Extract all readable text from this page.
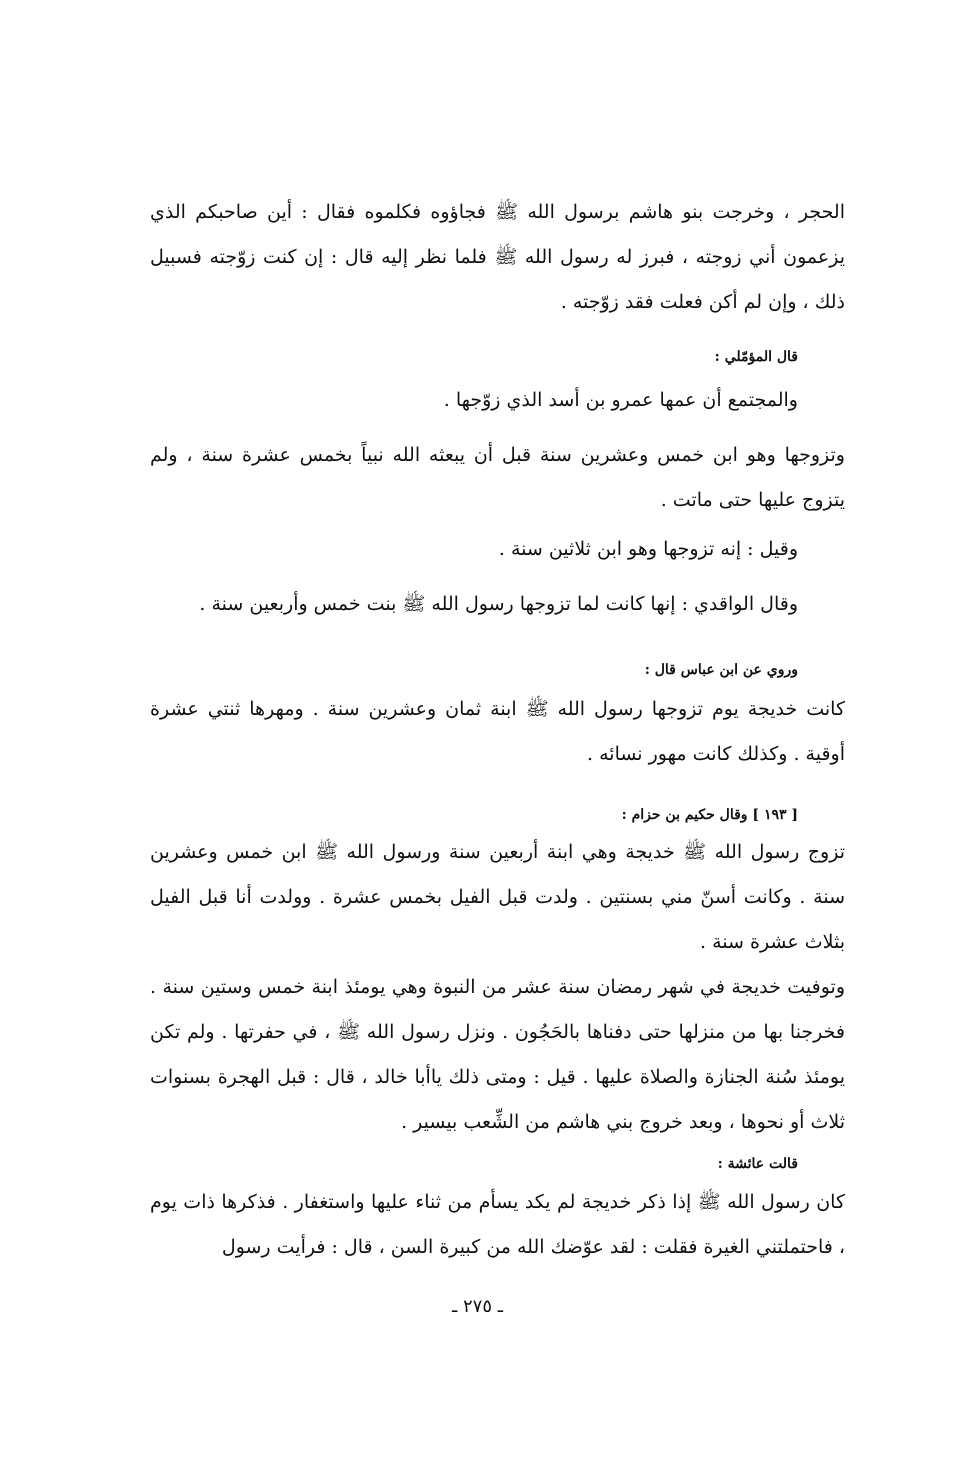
الحجر ، وخرجت بنو هاشم برسول الله ﷺ فجاؤوه فكلموه فقال : أين صاحبكم الذي يزعمون أني زوجته ، فبرز له رسول الله ﷺ فلما نظر إليه قال : إن كنت زوّجته فسبيل ذلك ، وإن لم أكن فعلت فقد زوّجته .

قال المؤمّلي :

والمجتمع أن عمها عمرو بن أسد الذي زوّجها .

وتزوجها وهو ابن خمس وعشرين سنة قبل أن يبعثه الله نبياً بخمس عشرة سنة ، ولم يتزوج عليها حتى ماتت .

وقيل : إنه تزوجها وهو ابن ثلاثين سنة .

وقال الواقدي : إنها كانت لما تزوجها رسول الله ﷺ بنت خمس وأربعين سنة .

وروي عن ابن عباس قال :

كانت خديجة يوم تزوجها رسول الله ﷺ ابنة ثمان وعشرين سنة . ومهرها ثنتي عشرة أوقية . وكذلك كانت مهور نسائه .

[ ١٩٣ ] وقال حكيم بن حزام :

تزوج رسول الله ﷺ خديجة وهي ابنة أربعين سنة ورسول الله ﷺ ابن خمس وعشرين سنة . وكانت أسنّ مني بسنتين . ولدت قبل الفيل بخمس عشرة . وولدت أنا قبل الفيل بثلاث عشرة سنة .

وتوفيت خديجة في شهر رمضان سنة عشر من النبوة وهي يومئذ ابنة خمس وستين سنة . فخرجنا بها من منزلها حتى دفناها بالحَجُون . ونزل رسول الله ﷺ ، في حفرتها . ولم تكن يومئذ سُنة الجنازة والصلاة عليها . قيل : ومتى ذلك ياأبا خالد ، قال : قبل الهجرة بسنوات ثلاث أو نحوها ، وبعد خروج بني هاشم من الشِّعب بيسير .

قالت عائشة :

كان رسول الله ﷺ إذا ذكر خديجة لم يكد يسأم من ثناء عليها واستغفار . فذكرها ذات يوم ، فاحتملتني الغيرة فقلت : لقد عوّضك الله من كبيرة السن ، قال : فرأيت رسول

ـ ٢٧٥ ـ
